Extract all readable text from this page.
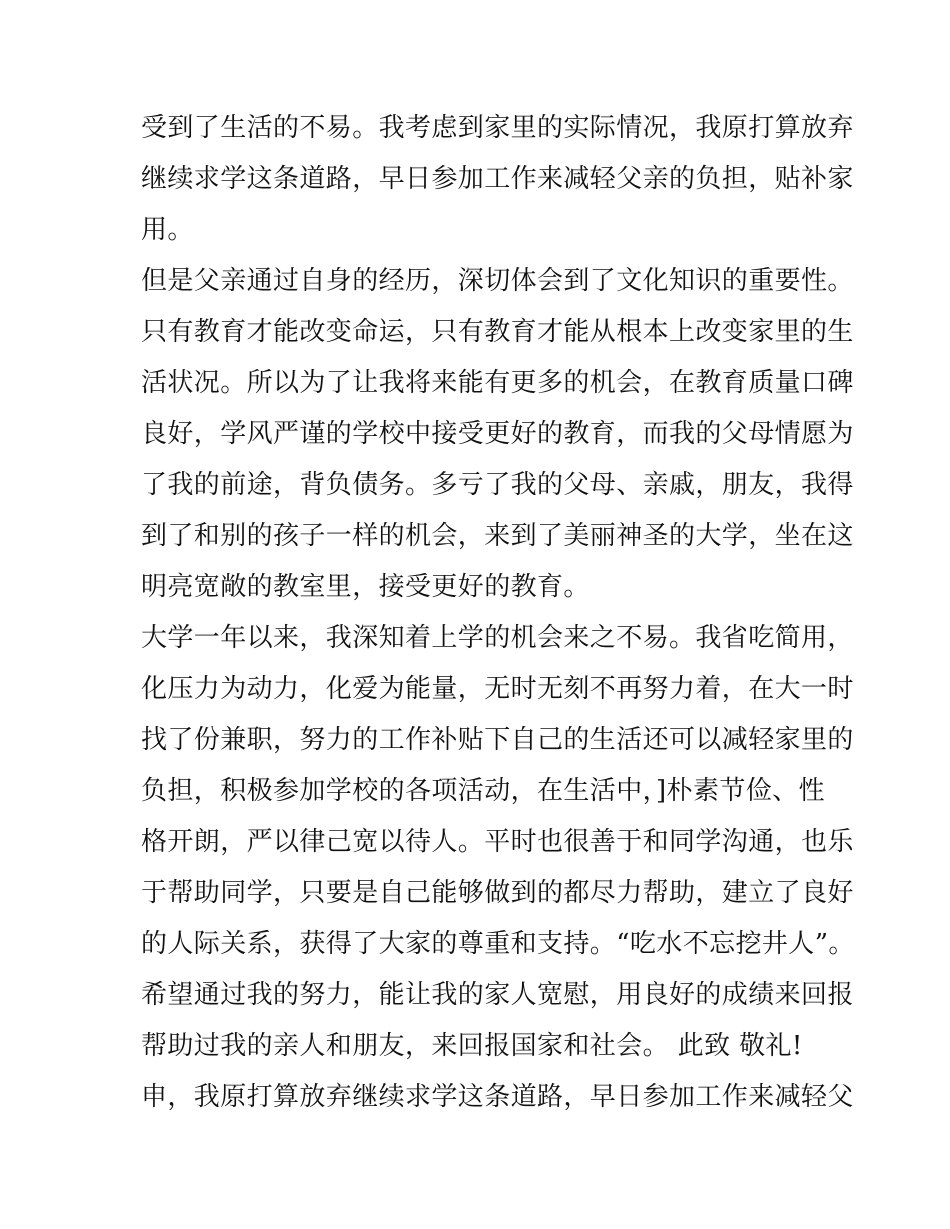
受到了生活的不易。我考虑到家里的实际情况，我原打算放弃
继续求学这条道路，早日参加工作来减轻父亲的负担，贴补家
用。
但是父亲通过自身的经历，深切体会到了文化知识的重要性。
只有教育才能改变命运，只有教育才能从根本上改变家里的生
活状况。所以为了让我将来能有更多的机会，在教育质量口碑
良好，学风严谨的学校中接受更好的教育，而我的父母情愿为
了我的前途，背负债务。多亏了我的父母、亲戚，朋友，我得
到了和别的孩子一样的机会，来到了美丽神圣的大学，坐在这
明亮宽敞的教室里，接受更好的教育。
大学一年以来，我深知着上学的机会来之不易。我省吃简用，
化压力为动力，化爱为能量，无时无刻不再努力着，在大一时
找了份兼职，努力的工作补贴下自己的生活还可以减轻家里的
负担，积极参加学校的各项活动，在生活中，]朴素节俭、性
格开朗，严以律己宽以待人。平时也很善于和同学沟通，也乐
于帮助同学，只要是自己能够做到的都尽力帮助，建立了良好
的人际关系，获得了大家的尊重和支持。“吃水不忘挖井人”。
希望通过我的努力，能让我的家人宽慰，用良好的成绩来回报
帮助过我的亲人和朋友，来回报国家和社会。 此致 敬礼!
申，我原打算放弃继续求学这条道路，早日参加工作来减轻父
